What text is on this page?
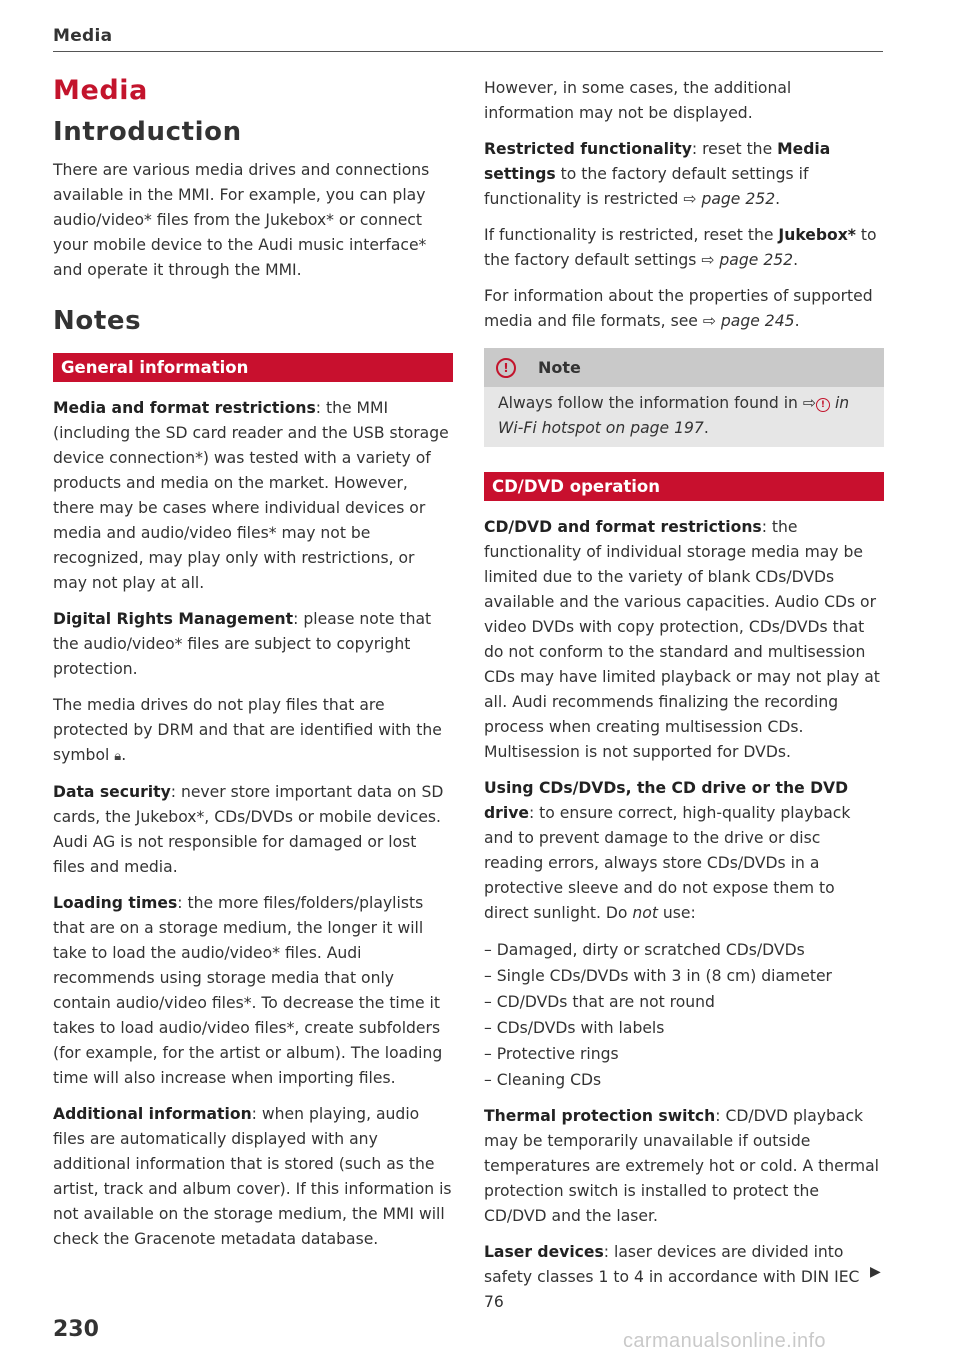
Media
Media
Introduction

There are various media drives and connections available in the MMI. For example, you can play audio/video* files from the Jukebox* or connect your mobile device to the Audi music interface* and operate it through the MMI.

Notes
General information

Media and format restrictions: the MMI (including the SD card reader and the USB storage device connection*) was tested with a variety of products and media on the market. However, there may be cases where individual devices or media and audio/video files* may not be recognized, may play only with restrictions, or may not play at all.

Digital Rights Management: please note that the audio/video* files are subject to copyright protection.

The media drives do not play files that are protected by DRM and that are identified with the symbol 🔒︎.

Data security: never store important data on SD cards, the Jukebox*, CDs/DVDs or mobile devices. Audi AG is not responsible for damaged or lost files and media.

Loading times: the more files/folders/playlists that are on a storage medium, the longer it will take to load the audio/video* files. Audi recommends using storage media that only contain audio/video files*. To decrease the time it takes to load audio/video files*, create subfolders (for example, for the artist or album). The loading time will also increase when importing files.

Additional information: when playing, audio files are automatically displayed with any additional information that is stored (such as the artist, track and album cover). If this information is not available on the storage medium, the MMI will check the Gracenote metadata database.

However, in some cases, the additional information may not be displayed.

Restricted functionality: reset the Media settings to the factory default settings if functionality is restricted ⇨ page 252.

If functionality is restricted, reset the Jukebox* to the factory default settings ⇨ page 252.

For information about the properties of supported media and file formats, see ⇨ page 245.

!	Note
Always follow the information found in ⇨ ! in Wi-Fi hotspot on page 197.
CD/DVD operation

CD/DVD and format restrictions: the functionality of individual storage media may be limited due to the variety of blank CDs/DVDs available and the various capacities. Audio CDs or video DVDs with copy protection, CDs/DVDs that do not conform to the standard and multisession CDs may have limited playback or may not play at all. Audi recommends finalizing the recording process when creating multisession CDs. Multisession is not supported for DVDs.

Using CDs/DVDs, the CD drive or the DVD drive: to ensure correct, high-quality playback and to prevent damage to the drive or disc reading errors, always store CDs/DVDs in a protective sleeve and do not expose them to direct sunlight. Do not use:

– Damaged, dirty or scratched CDs/DVDs
– Single CDs/DVDs with 3 in (8 cm) diameter
– CD/DVDs that are not round
– CDs/DVDs with labels
– Protective rings
– Cleaning CDs

Thermal protection switch: CD/DVD playback may be temporarily unavailable if outside temperatures are extremely hot or cold. A thermal protection switch is installed to protect the CD/DVD and the laser.

Laser devices: laser devices are divided into safety classes 1 to 4 in accordance with DIN IEC 76

▶
230	carmanualsonline.info
